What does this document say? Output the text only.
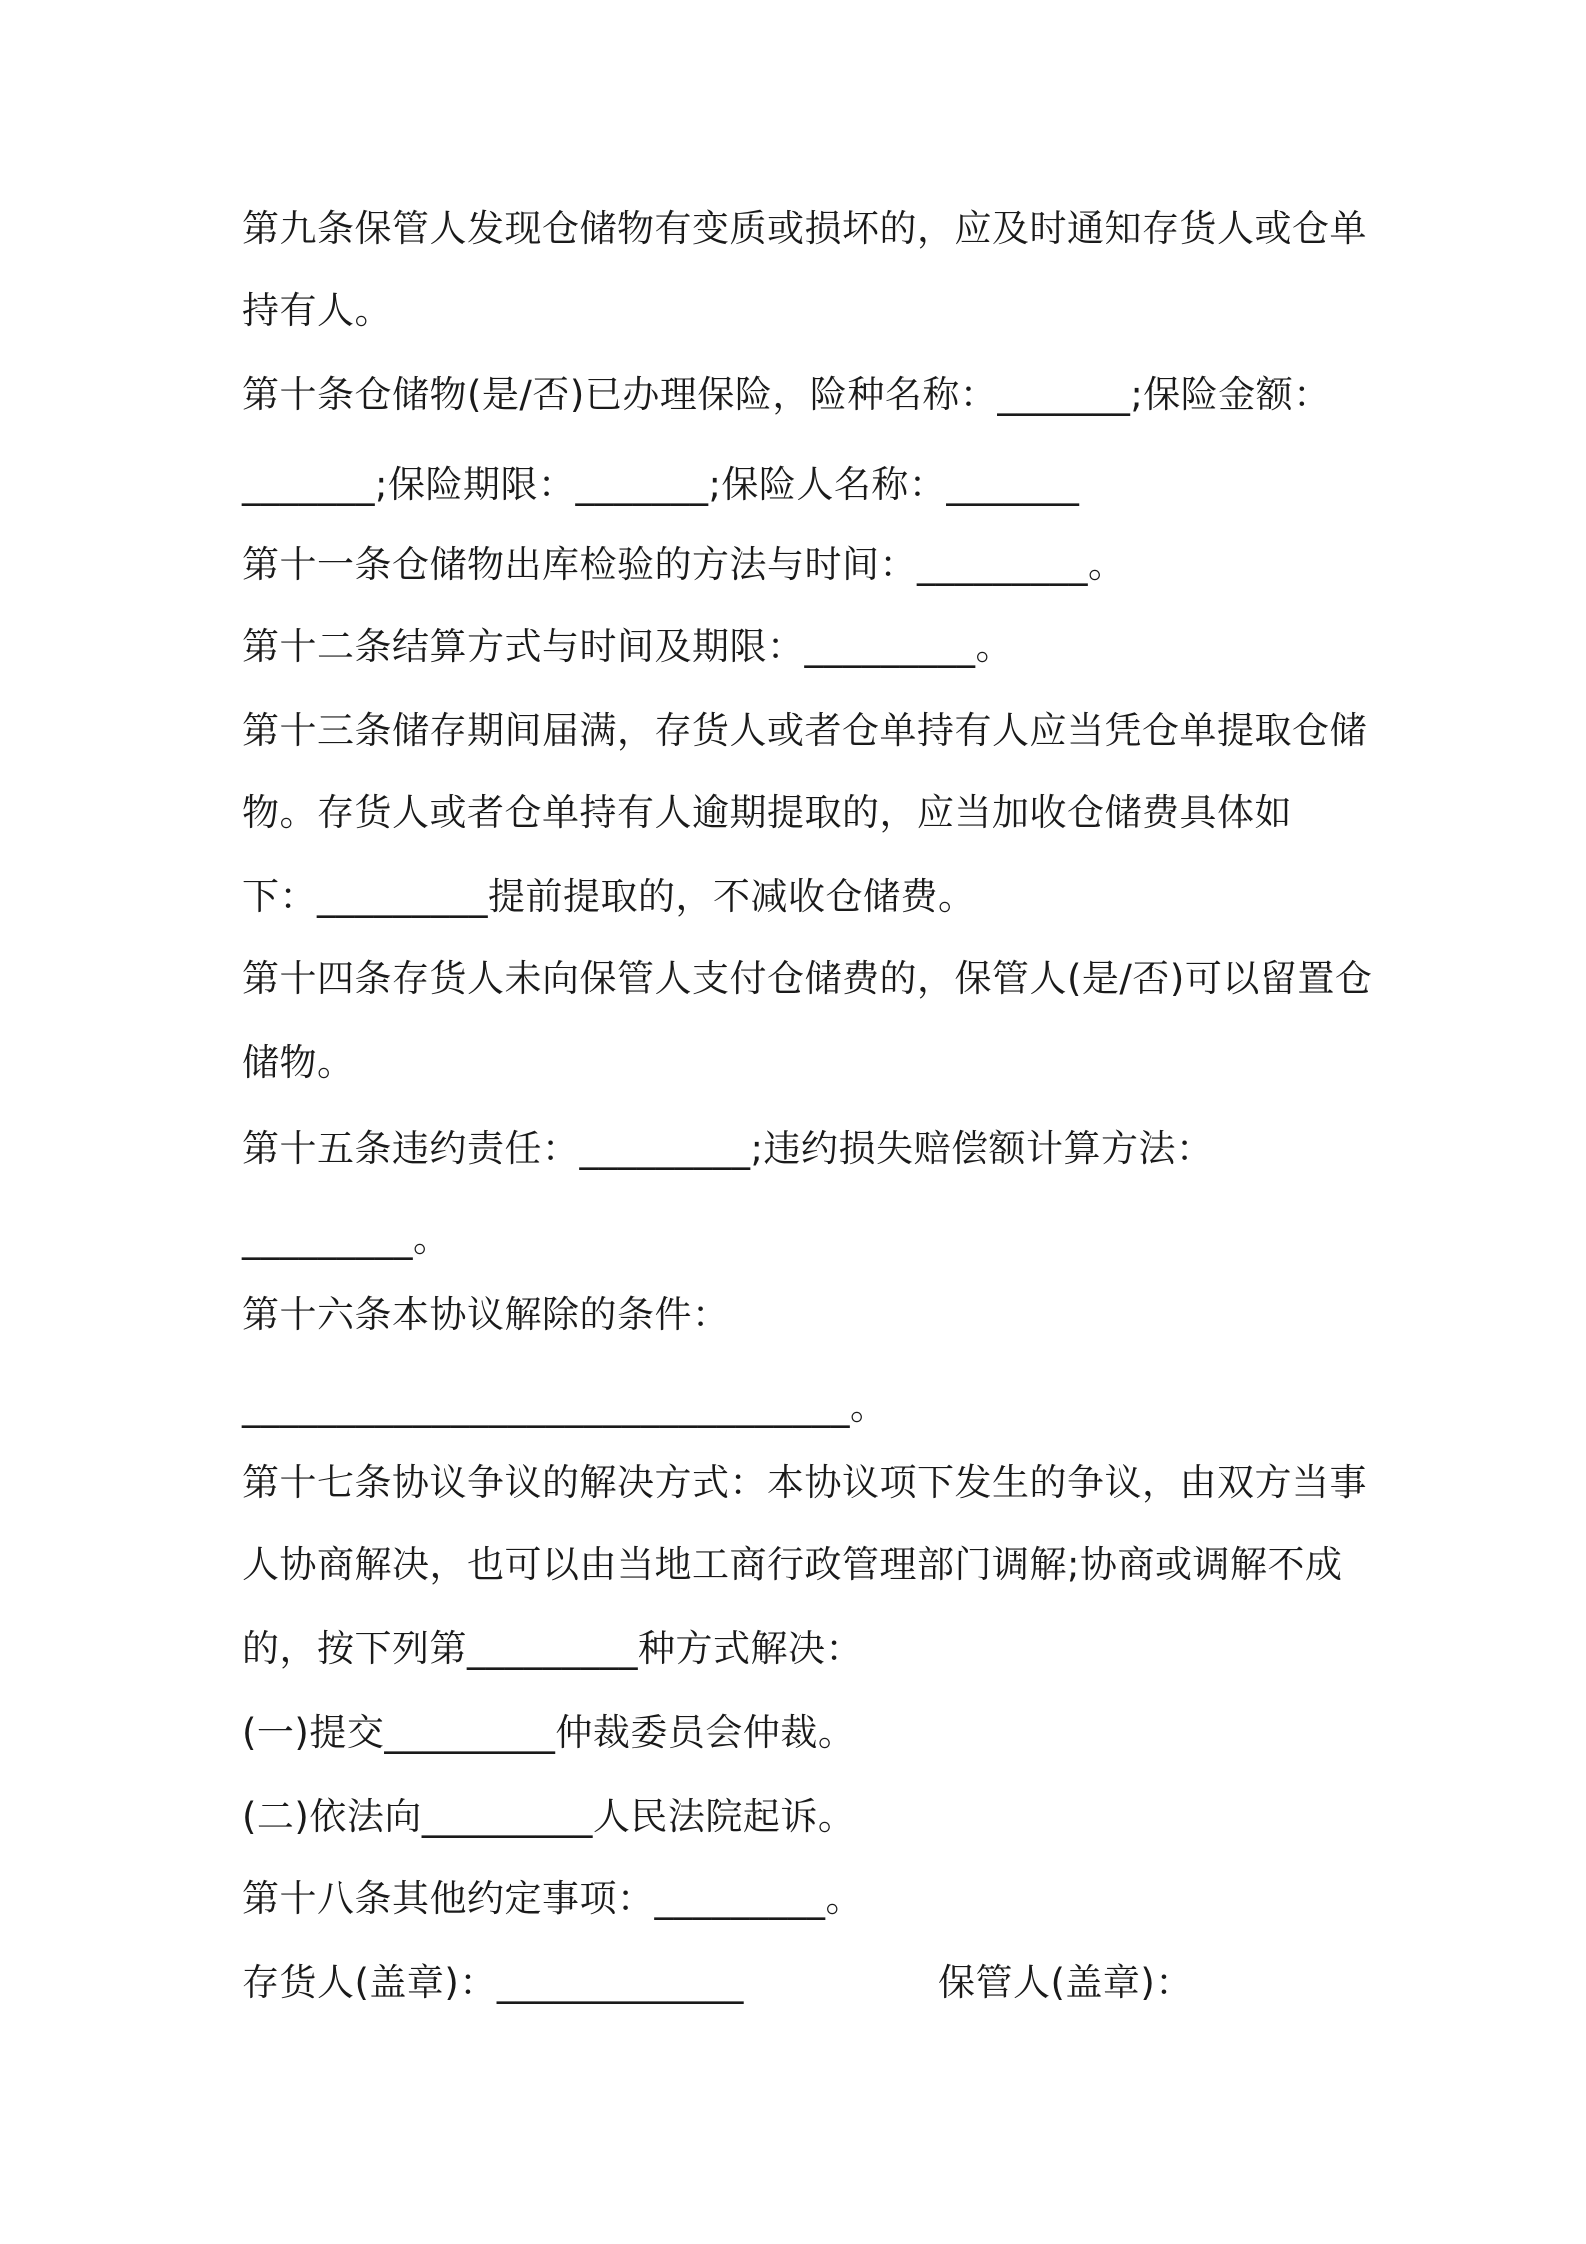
第九条保管人发现仓储物有变质或损坏的，应及时通知存货人或仓单
持有人。
第十条仓储物(是/否)已办理保险，险种名称：_______;保险金额：
_______;保险期限：_______;保险人名称：_______
第十一条仓储物出库检验的方法与时间：_________。
第十二条结算方式与时间及期限：_________。
第十三条储存期间届满，存货人或者仓单持有人应当凭仓单提取仓储
物。存货人或者仓单持有人逾期提取的，应当加收仓储费具体如
下：_________提前提取的，不减收仓储费。
第十四条存货人未向保管人支付仓储费的，保管人(是/否)可以留置仓
储物。
第十五条违约责任：_________;违约损失赔偿额计算方法：
_________。
第十六条本协议解除的条件：
________________________________。
第十七条协议争议的解决方式：本协议项下发生的争议，由双方当事
人协商解决，也可以由当地工商行政管理部门调解;协商或调解不成
的，按下列第_________种方式解决：
(一)提交_________仲裁委员会仲裁。
(二)依法向_________人民法院起诉。
第十八条其他约定事项：_________。
存货人(盖章)：_____________	保管人(盖章)：
